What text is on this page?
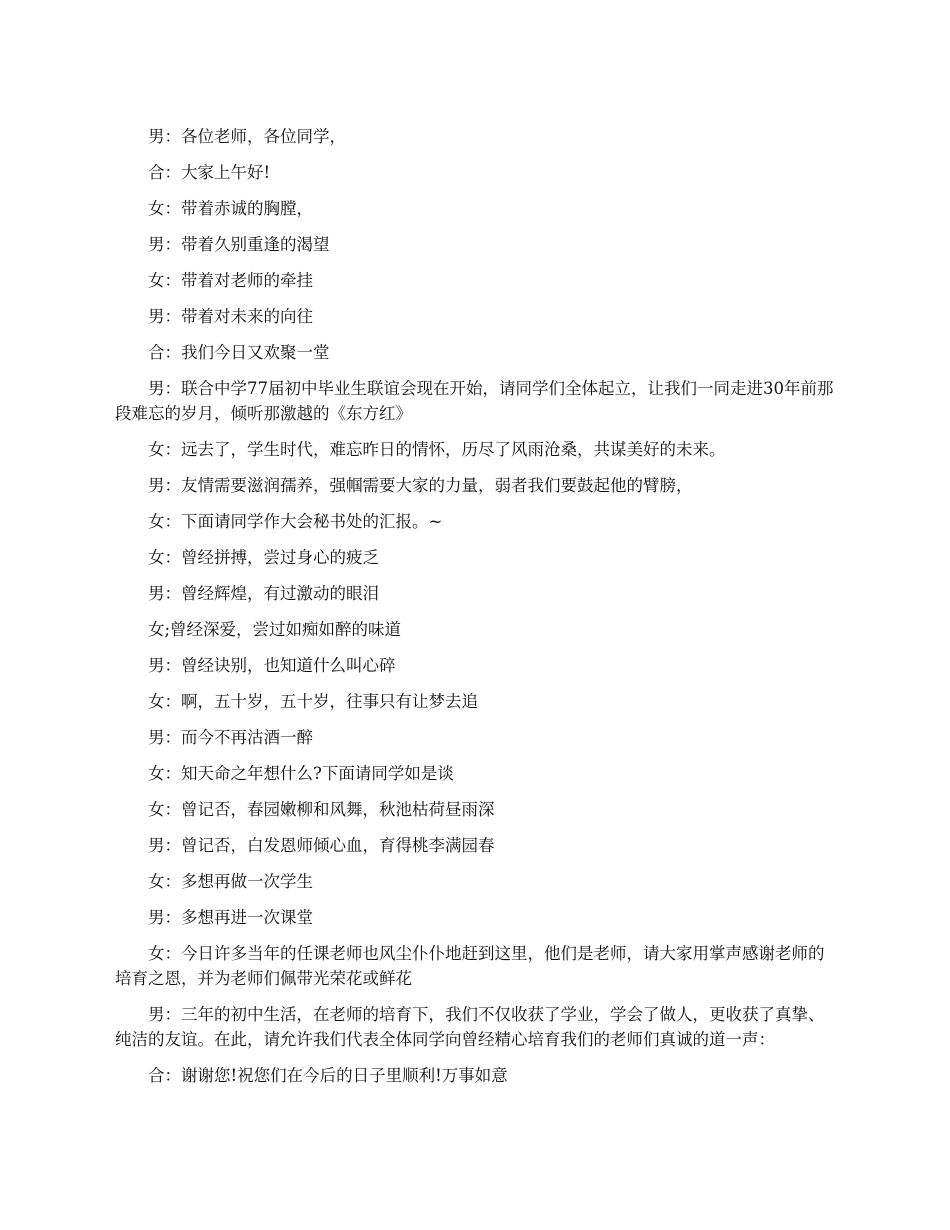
男：各位老师，各位同学，

合：大家上午好!

女：带着赤诚的胸膛，

男：带着久别重逢的渴望

女：带着对老师的牵挂

男：带着对未来的向往

合：我们今日又欢聚一堂

男：联合中学77届初中毕业生联谊会现在开始，请同学们全体起立，让我们一同走进30年前那段难忘的岁月，倾听那激越的《东方红》

女：远去了，学生时代，难忘昨日的情怀，历尽了风雨沧桑，共谋美好的未来。

男：友情需要滋润孺养，强帼需要大家的力量，弱者我们要鼓起他的臂膀，

女：下面请同学作大会秘书处的汇报。~

女：曾经拼搏，尝过身心的疲乏

男：曾经辉煌，有过激动的眼泪

女;曾经深爱，尝过如痴如醉的味道

男：曾经诀别，也知道什么叫心碎

女：啊，五十岁，五十岁，往事只有让梦去追

男：而今不再沽酒一醉

女：知天命之年想什么?下面请同学如是谈

女：曾记否，春园嫩柳和风舞，秋池枯荷昼雨深

男：曾记否，白发恩师倾心血，育得桃李满园春

女：多想再做一次学生

男：多想再进一次课堂

女：今日许多当年的任课老师也风尘仆仆地赶到这里，他们是老师，请大家用掌声感谢老师的培育之恩，并为老师们佩带光荣花或鲜花

男：三年的初中生活，在老师的培育下，我们不仅收获了学业，学会了做人，更收获了真挚、纯洁的友谊。在此，请允许我们代表全体同学向曾经精心培育我们的老师们真诚的道一声：

合：谢谢您!祝您们在今后的日子里顺利!万事如意
